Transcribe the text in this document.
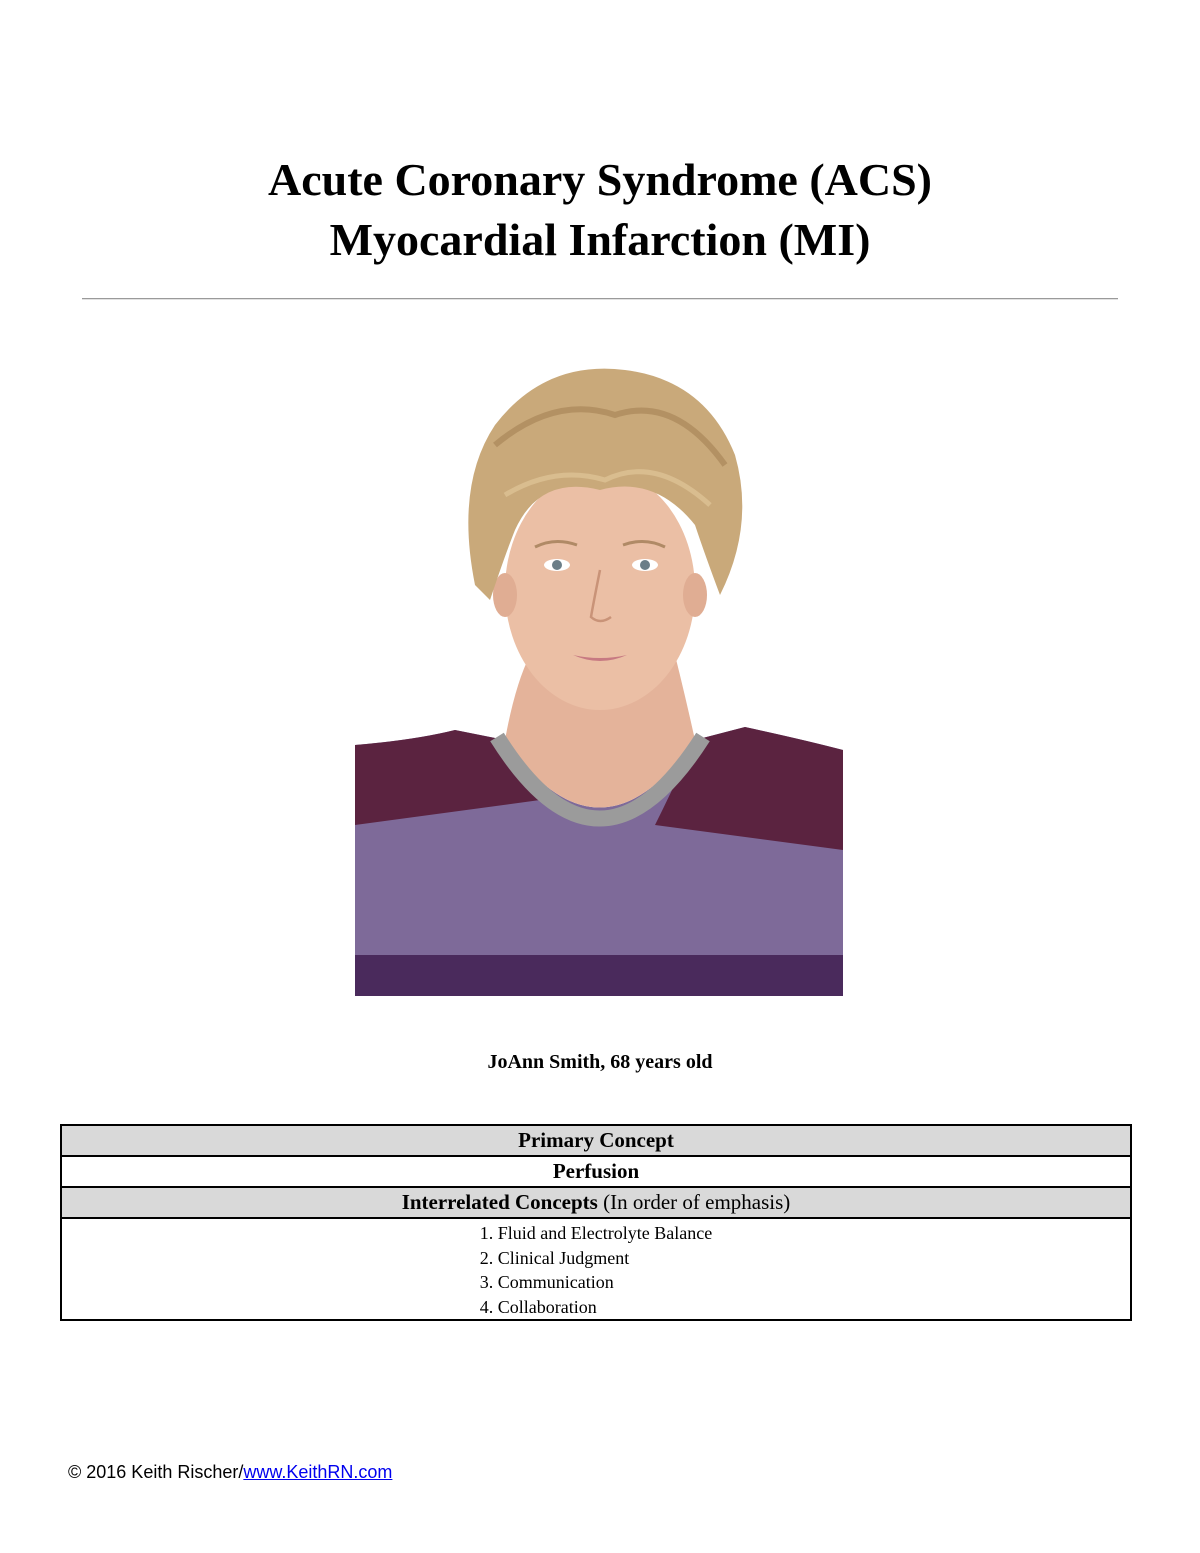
Acute Coronary Syndrome (ACS)
Myocardial Infarction (MI)
JoAnn Smith, 68 years old
Primary Concept
Perfusion
Interrelated Concepts (In order of emphasis)

1. Fluid and Electrolyte Balance
2. Clinical Judgment
3. Communication
4. Collaboration
© 2016 Keith Rischer/www.KeithRN.com
